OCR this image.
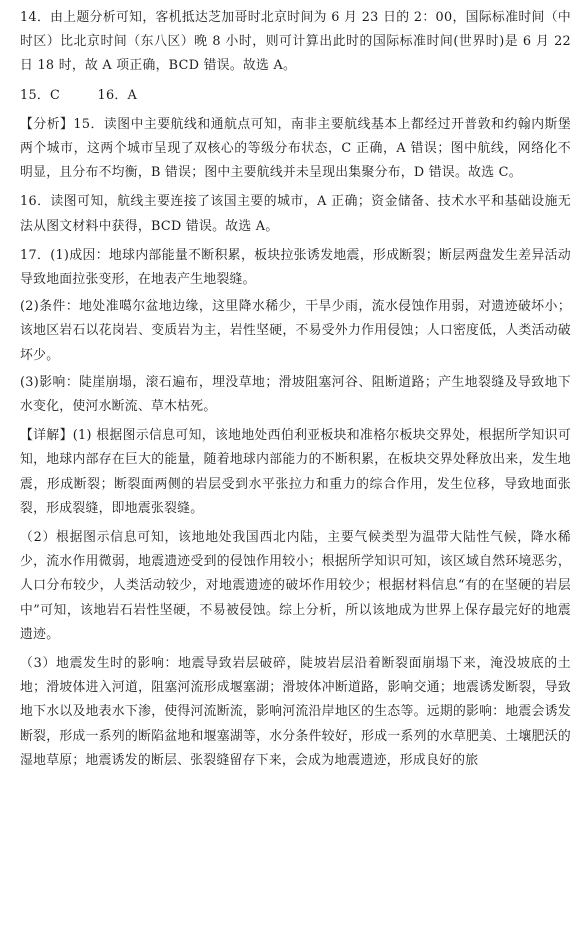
14．由上题分析可知，客机抵达芝加哥时北京时间为 6 月 23 日的 2：00，国际标准时间（中时区）比北京时间（东八区）晚 8 小时，则可计算出此时的国际标准时间(世界时)是 6 月 22 日 18 时，故 A 项正确，BCD 错误。故选 A。

15．C　 16．A

【分析】15．读图中主要航线和通航点可知，南非主要航线基本上都经过开普敦和约翰内斯堡两个城市，这两个城市呈现了双核心的等级分布状态，C 正确，A 错误；图中航线，网络化不明显，且分布不均衡，B 错误；图中主要航线并未呈现出集聚分布，D 错误。故选 C。

16．读图可知，航线主要连接了该国主要的城市，A 正确；资金储备、技术水平和基础设施无法从图文材料中获得，BCD 错误。故选 A。

17．(1)成因：地球内部能量不断积累，板块拉张诱发地震，形成断裂；断层两盘发生差异活动导致地面拉张变形，在地表产生地裂缝。

(2)条件：地处准噶尔盆地边缘，这里降水稀少，干旱少雨，流水侵蚀作用弱，对遗迹破坏小；该地区岩石以花岗岩、变质岩为主，岩性坚硬，不易受外力作用侵蚀；人口密度低，人类活动破坏少。

(3)影响：陡崖崩塌，滚石遍布，埋没草地；滑坡阻塞河谷、阻断道路；产生地裂缝及导致地下水变化，使河水断流、草木枯死。

【详解】(1) 根据图示信息可知，该地地处西伯利亚板块和准格尔板块交界处，根据所学知识可知，地球内部存在巨大的能量，随着地球内部能力的不断积累，在板块交界处释放出来，发生地震，形成断裂；断裂面两侧的岩层受到水平张拉力和重力的综合作用，发生位移，导致地面张裂，形成裂缝，即地震张裂缝。

（2）根据图示信息可知，该地地处我国西北内陆，主要气候类型为温带大陆性气候，降水稀少，流水作用微弱，地震遗迹受到的侵蚀作用较小；根据所学知识可知，该区域自然环境恶劣，人口分布较少，人类活动较少，对地震遗迹的破坏作用较少；根据材料信息“有的在坚硬的岩层中”可知，该地岩石岩性坚硬，不易被侵蚀。综上分析，所以该地成为世界上保存最完好的地震遗迹。

（3）地震发生时的影响：地震导致岩层破碎，陡坡岩层沿着断裂面崩塌下来，淹没坡底的土地；滑坡体进入河道，阻塞河流形成堰塞湖；滑坡体冲断道路，影响交通；地震诱发断裂，导致地下水以及地表水下渗，使得河流断流，影响河流沿岸地区的生态等。远期的影响：地震会诱发断裂，形成一系列的断陷盆地和堰塞湖等，水分条件较好，形成一系列的水草肥美、土壤肥沃的湿地草原；地震诱发的断层、张裂缝留存下来，会成为地震遗迹，形成良好的旅
